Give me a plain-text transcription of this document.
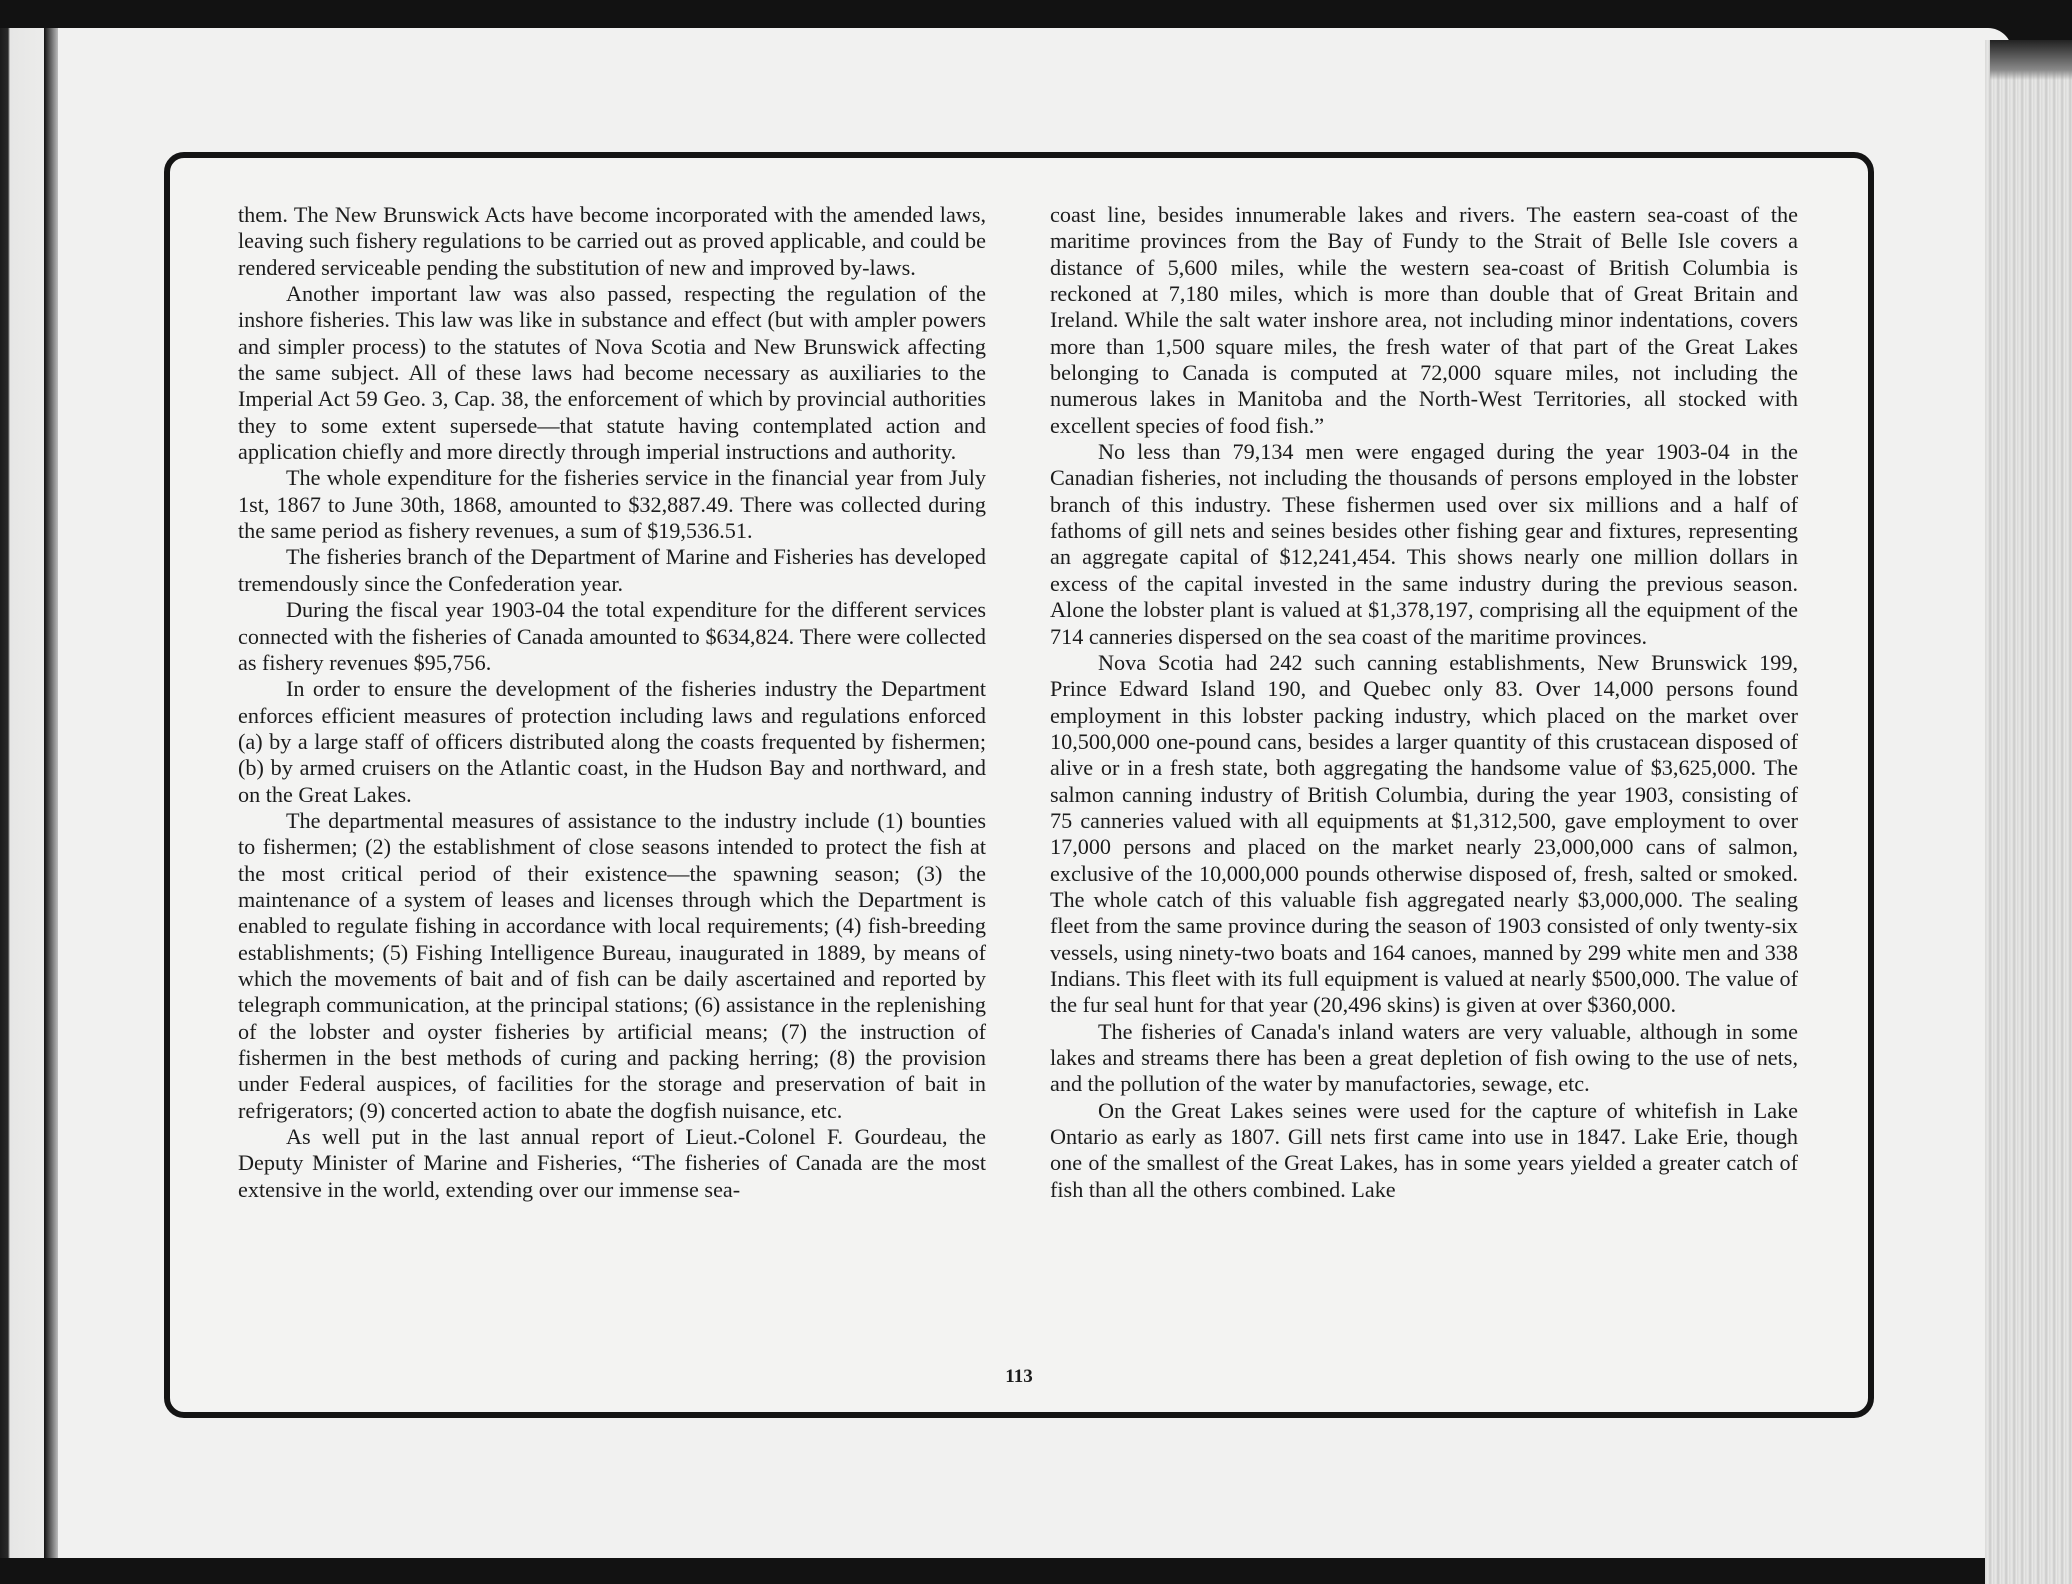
them. The New Brunswick Acts have become incorporated with the amended laws, leaving such fishery regulations to be carried out as proved applicable, and could be rendered serviceable pending the substitution of new and improved by-laws.

Another important law was also passed, respecting the regulation of the inshore fisheries. This law was like in substance and effect (but with ampler powers and simpler process) to the statutes of Nova Scotia and New Brunswick affecting the same subject. All of these laws had become necessary as auxiliaries to the Imperial Act 59 Geo. 3, Cap. 38, the enforcement of which by provincial authorities they to some extent supersede—that statute having contemplated action and application chiefly and more directly through imperial instructions and authority.

The whole expenditure for the fisheries service in the financial year from July 1st, 1867 to June 30th, 1868, amounted to $32,887.49. There was collected during the same period as fishery revenues, a sum of $19,536.51.

The fisheries branch of the Department of Marine and Fisheries has developed tremendously since the Confederation year.

During the fiscal year 1903-04 the total expenditure for the different services connected with the fisheries of Canada amounted to $634,824. There were collected as fishery revenues $95,756.

In order to ensure the development of the fisheries industry the Department enforces efficient measures of protection including laws and regulations enforced (a) by a large staff of officers distributed along the coasts frequented by fishermen; (b) by armed cruisers on the Atlantic coast, in the Hudson Bay and northward, and on the Great Lakes.

The departmental measures of assistance to the industry include (1) bounties to fishermen; (2) the establishment of close seasons intended to protect the fish at the most critical period of their existence—the spawning season; (3) the maintenance of a system of leases and licenses through which the Department is enabled to regulate fishing in accordance with local requirements; (4) fish-breeding establishments; (5) Fishing Intelligence Bureau, inaugurated in 1889, by means of which the movements of bait and of fish can be daily ascertained and reported by telegraph communication, at the principal stations; (6) assistance in the replenishing of the lobster and oyster fisheries by artificial means; (7) the instruction of fishermen in the best methods of curing and packing herring; (8) the provision under Federal auspices, of facilities for the storage and preservation of bait in refrigerators; (9) concerted action to abate the dogfish nuisance, etc.

As well put in the last annual report of Lieut.-Colonel F. Gourdeau, the Deputy Minister of Marine and Fisheries, “The fisheries of Canada are the most extensive in the world, extending over our immense sea-

coast line, besides innumerable lakes and rivers. The eastern sea-coast of the maritime provinces from the Bay of Fundy to the Strait of Belle Isle covers a distance of 5,600 miles, while the western sea-coast of British Columbia is reckoned at 7,180 miles, which is more than double that of Great Britain and Ireland. While the salt water inshore area, not including minor indentations, covers more than 1,500 square miles, the fresh water of that part of the Great Lakes belonging to Canada is computed at 72,000 square miles, not including the numerous lakes in Manitoba and the North-West Territories, all stocked with excellent species of food fish.”

No less than 79,134 men were engaged during the year 1903-04 in the Canadian fisheries, not including the thousands of persons employed in the lobster branch of this industry. These fishermen used over six millions and a half of fathoms of gill nets and seines besides other fishing gear and fixtures, representing an aggregate capital of $12,241,454. This shows nearly one million dollars in excess of the capital invested in the same industry during the previous season. Alone the lobster plant is valued at $1,378,197, comprising all the equipment of the 714 canneries dispersed on the sea coast of the maritime provinces.

Nova Scotia had 242 such canning establishments, New Brunswick 199, Prince Edward Island 190, and Quebec only 83. Over 14,000 persons found employment in this lobster packing industry, which placed on the market over 10,500,000 one-pound cans, besides a larger quantity of this crustacean disposed of alive or in a fresh state, both aggregating the handsome value of $3,625,000. The salmon canning industry of British Columbia, during the year 1903, consisting of 75 canneries valued with all equipments at $1,312,500, gave employment to over 17,000 persons and placed on the market nearly 23,000,000 cans of salmon, exclusive of the 10,000,000 pounds otherwise disposed of, fresh, salted or smoked. The whole catch of this valuable fish aggregated nearly $3,000,000. The sealing fleet from the same province during the season of 1903 consisted of only twenty-six vessels, using ninety-two boats and 164 canoes, manned by 299 white men and 338 Indians. This fleet with its full equipment is valued at nearly $500,000. The value of the fur seal hunt for that year (20,496 skins) is given at over $360,000.

The fisheries of Canada's inland waters are very valuable, although in some lakes and streams there has been a great depletion of fish owing to the use of nets, and the pollution of the water by manufactories, sewage, etc.

On the Great Lakes seines were used for the capture of whitefish in Lake Ontario as early as 1807. Gill nets first came into use in 1847. Lake Erie, though one of the smallest of the Great Lakes, has in some years yielded a greater catch of fish than all the others combined. Lake

113
